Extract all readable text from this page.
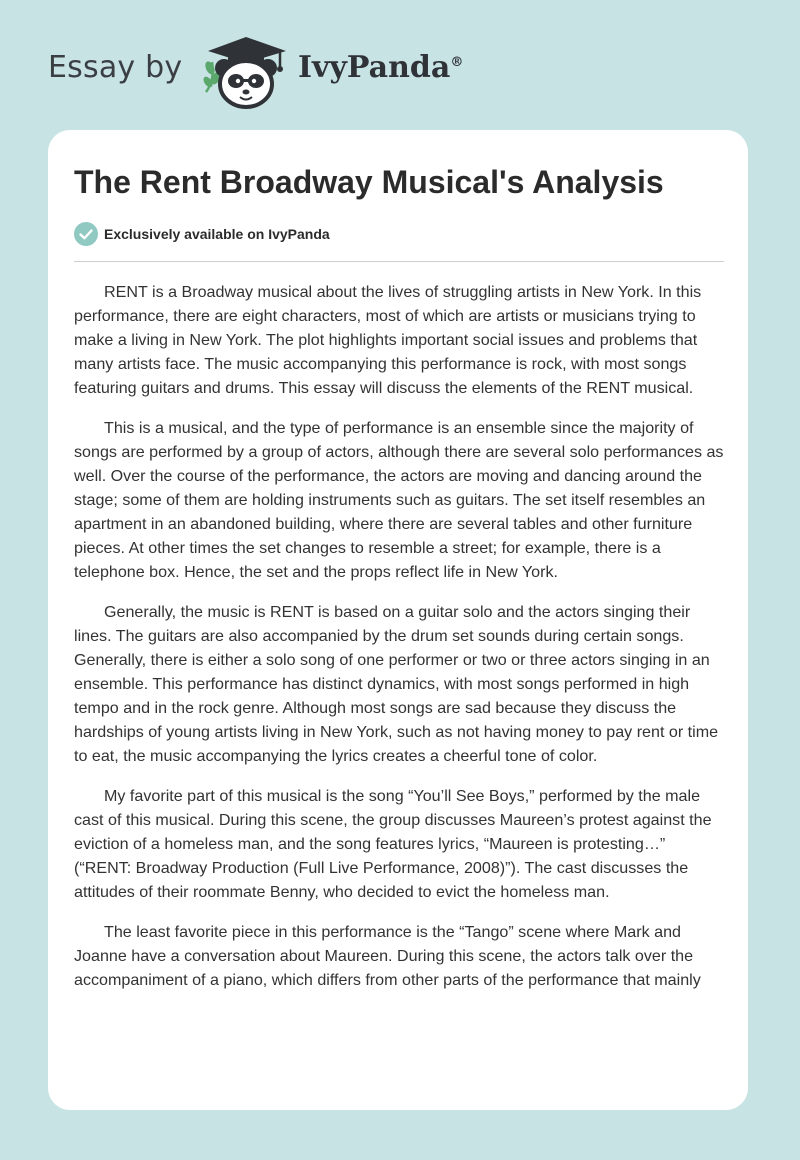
Essay by	IvyPanda®
The Rent Broadway Musical's Analysis
Exclusively available on IvyPanda

RENT is a Broadway musical about the lives of struggling artists in New York. In this performance, there are eight characters, most of which are artists or musicians trying to make a living in New York. The plot highlights important social issues and problems that many artists face. The music accompanying this performance is rock, with most songs featuring guitars and drums. This essay will discuss the elements of the RENT musical.

This is a musical, and the type of performance is an ensemble since the majority of songs are performed by a group of actors, although there are several solo performances as well. Over the course of the performance, the actors are moving and dancing around the stage; some of them are holding instruments such as guitars. The set itself resembles an apartment in an abandoned building, where there are several tables and other furniture pieces. At other times the set changes to resemble a street; for example, there is a telephone box. Hence, the set and the props reflect life in New York.

Generally, the music is RENT is based on a guitar solo and the actors singing their lines. The guitars are also accompanied by the drum set sounds during certain songs. Generally, there is either a solo song of one performer or two or three actors singing in an ensemble. This performance has distinct dynamics, with most songs performed in high tempo and in the rock genre. Although most songs are sad because they discuss the hardships of young artists living in New York, such as not having money to pay rent or time to eat, the music accompanying the lyrics creates a cheerful tone of color.

My favorite part of this musical is the song “You’ll See Boys,” performed by the male cast of this musical. During this scene, the group discusses Maureen’s protest against the eviction of a homeless man, and the song features lyrics, “Maureen is protesting…” (“RENT: Broadway Production (Full Live Performance, 2008)”). The cast discusses the attitudes of their roommate Benny, who decided to evict the homeless man.

The least favorite piece in this performance is the “Tango” scene where Mark and Joanne have a conversation about Maureen. During this scene, the actors talk over the accompaniment of a piano, which differs from other parts of the performance that mainly
